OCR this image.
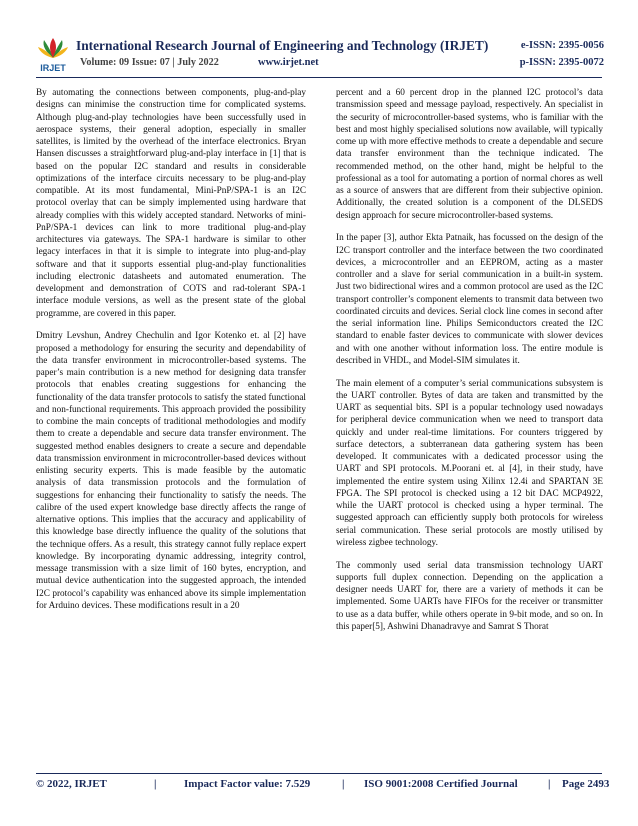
IRJET
International Research Journal of Engineering and Technology (IRJET)	e-ISSN: 2395-0056
Volume: 09 Issue: 07 | July 2022	www.irjet.net	p-ISSN: 2395-0072

By automating the connections between components, plug-and-play designs can minimise the construction time for complicated systems. Although plug-and-play technologies have been successfully used in aerospace systems, their general adoption, especially in smaller satellites, is limited by the overhead of the interface electronics. Bryan Hansen discusses a straightforward plug-and-play interface in [1] that is based on the popular I2C standard and results in considerable optimizations of the interface circuits necessary to be plug-and-play compatible. At its most fundamental, Mini-PnP/SPA-1 is an I2C protocol overlay that can be simply implemented using hardware that already complies with this widely accepted standard. Networks of mini-PnP/SPA-1 devices can link to more traditional plug-and-play architectures via gateways. The SPA-1 hardware is similar to other legacy interfaces in that it is simple to integrate into plug-and-play software and that it supports essential plug-and-play functionalities including electronic datasheets and automated enumeration. The development and demonstration of COTS and rad-tolerant SPA-1 interface module versions, as well as the present state of the global programme, are covered in this paper.

Dmitry Levshun, Andrey Chechulin and Igor Kotenko et. al [2] have proposed a methodology for ensuring the security and dependability of the data transfer environment in microcontroller-based systems. The paper’s main contribution is a new method for designing data transfer protocols that enables creating suggestions for enhancing the functionality of the data transfer protocols to satisfy the stated functional and non-functional requirements. This approach provided the possibility to combine the main concepts of traditional methodologies and modify them to create a dependable and secure data transfer environment. The suggested method enables designers to create a secure and dependable data transmission environment in microcontroller-based devices without enlisting security experts. This is made feasible by the automatic analysis of data transmission protocols and the formulation of suggestions for enhancing their functionality to satisfy the needs. The calibre of the used expert knowledge base directly affects the range of alternative options. This implies that the accuracy and applicability of this knowledge base directly influence the quality of the solutions that the technique offers. As a result, this strategy cannot fully replace expert knowledge. By incorporating dynamic addressing, integrity control, message transmission with a size limit of 160 bytes, encryption, and mutual device authentication into the suggested approach, the intended I2C protocol’s capability was enhanced above its simple implementation for Arduino devices. These modifications result in a 20

percent and a 60 percent drop in the planned I2C protocol’s data transmission speed and message payload, respectively. An specialist in the security of microcontroller-based systems, who is familiar with the best and most highly specialised solutions now available, will typically come up with more effective methods to create a dependable and secure data transfer environment than the technique indicated. The recommended method, on the other hand, might be helpful to the professional as a tool for automating a portion of normal chores as well as a source of answers that are different from their subjective opinion. Additionally, the created solution is a component of the DLSEDS design approach for secure microcontroller-based systems.

In the paper [3], author Ekta Patnaik, has focussed on the design of the I2C transport controller and the interface between the two coordinated devices, a microcontroller and an EEPROM, acting as a master controller and a slave for serial communication in a built-in system. Just two bidirectional wires and a common protocol are used as the I2C transport controller’s component elements to transmit data between two coordinated circuits and devices. Serial clock line comes in second after the serial information line. Philips Semiconductors created the I2C standard to enable faster devices to communicate with slower devices and with one another without information loss. The entire module is described in VHDL, and Model-SIM simulates it.

The main element of a computer’s serial communications subsystem is the UART controller. Bytes of data are taken and transmitted by the UART as sequential bits. SPI is a popular technology used nowadays for peripheral device communication when we need to transport data quickly and under real-time limitations. For counters triggered by surface detectors, a subterranean data gathering system has been developed. It communicates with a dedicated processor using the UART and SPI protocols. M.Poorani et. al [4], in their study, have implemented the entire system using Xilinx 12.4i and SPARTAN 3E FPGA. The SPI protocol is checked using a 12 bit DAC MCP4922, while the UART protocol is checked using a hyper terminal. The suggested approach can efficiently supply both protocols for wireless serial communication. These serial protocols are mostly utilised by wireless zigbee technology.

The commonly used serial data transmission technology UART supports full duplex connection. Depending on the application a designer needs UART for, there are a variety of methods it can be implemented. Some UARTs have FIFOs for the receiver or transmitter to use as a data buffer, while others operate in 9-bit mode, and so on. In this paper[5], Ashwini Dhanadravye and Samrat S Thorat

© 2022, IRJET	|	Impact Factor value: 7.529	| ISO 9001:2008 Certified Journal	| Page 2493
